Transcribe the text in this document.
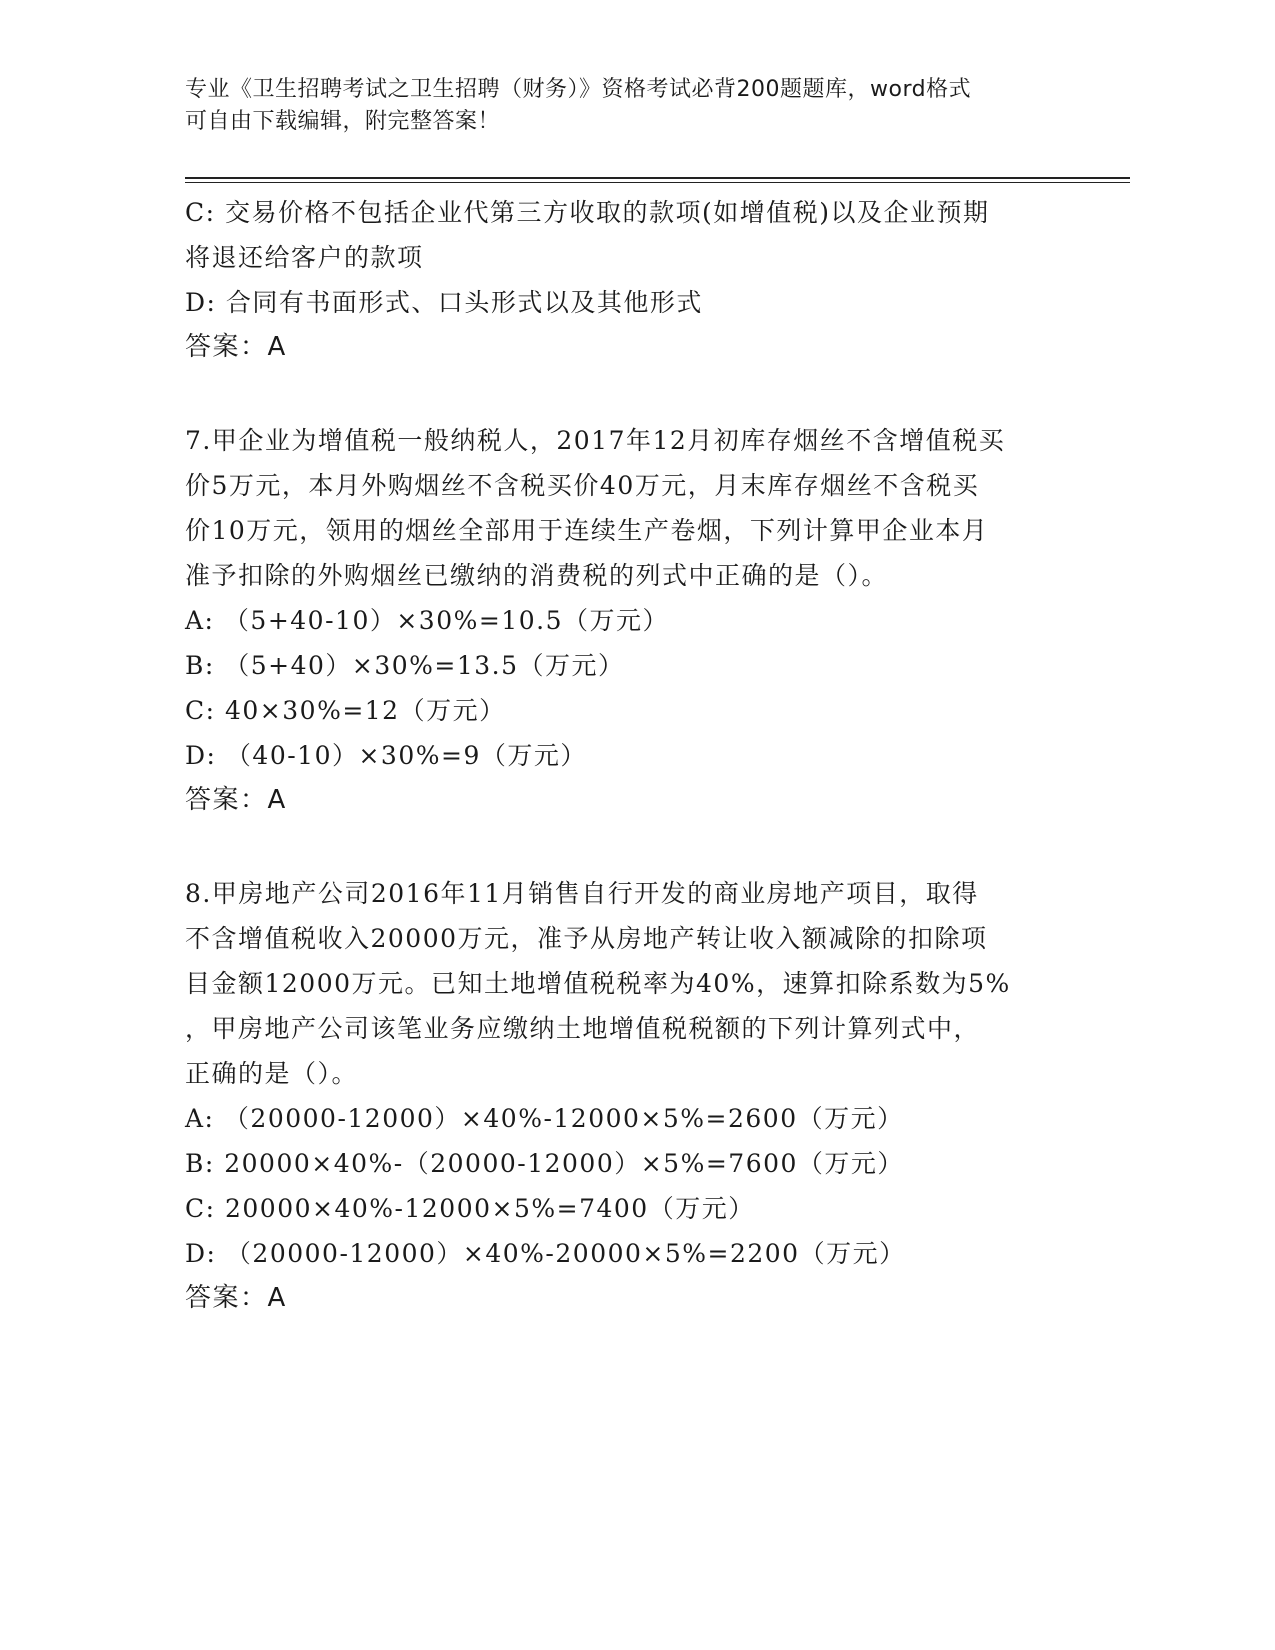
专业《卫生招聘考试之卫生招聘（财务）》资格考试必背200题题库，word格式
可自由下载编辑，附完整答案！
C: 交易价格不包括企业代第三方收取的款项(如增值税)以及企业预期
将退还给客户的款项
D: 合同有书面形式、口头形式以及其他形式
答案：A
7.甲企业为增值税一般纳税人，2017年12月初库存烟丝不含增值税买
价5万元，本月外购烟丝不含税买价40万元，月末库存烟丝不含税买
价10万元，领用的烟丝全部用于连续生产卷烟，下列计算甲企业本月
准予扣除的外购烟丝已缴纳的消费税的列式中正确的是（）。
A: （5+40-10）×30%=10.5（万元）
B: （5+40）×30%=13.5（万元）
C: 40×30%=12（万元）
D: （40-10）×30%=9（万元）
答案：A
8.甲房地产公司2016年11月销售自行开发的商业房地产项目，取得
不含增值税收入20000万元，准予从房地产转让收入额减除的扣除项
目金额12000万元。已知土地增值税税率为40%，速算扣除系数为5%
，甲房地产公司该笔业务应缴纳土地增值税税额的下列计算列式中，
正确的是（）。
A: （20000-12000）×40%-12000×5%=2600（万元）
B: 20000×40%-（20000-12000）×5%=7600（万元）
C: 20000×40%-12000×5%=7400（万元）
D: （20000-12000）×40%-20000×5%=2200（万元）
答案：A
